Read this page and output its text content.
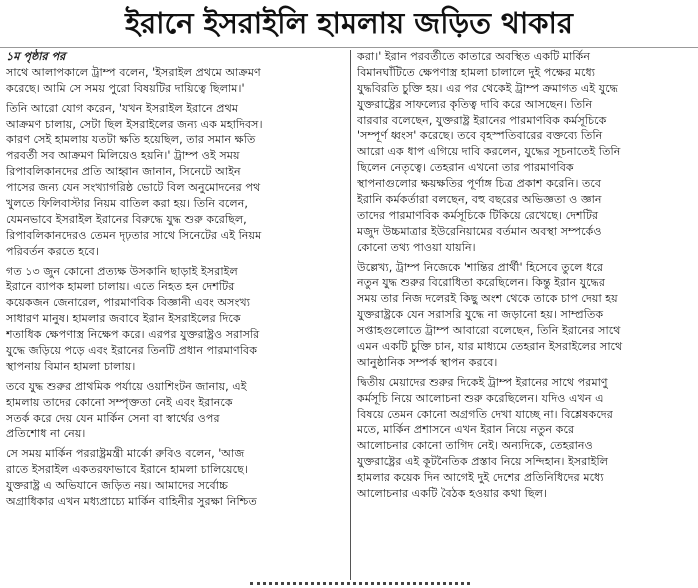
ইরানে ইসরাইলি হামলায় জড়িত থাকার
১ম পৃষ্ঠার পর
সাথে আলাপকালে ট্রাম্প বলেন, 'ইসরাইল প্রথমে আক্রমণ
করেছে। আমি সে সময় পুরো বিষয়টির দায়িত্বে ছিলাম।'
তিনি আরো যোগ করেন, 'যখন ইসরাইল ইরানে প্রথম
আক্রমণ চালায়, সেটা ছিল ইসরাইলের জন্য এক মহাদিবস।
কারণ সেই হামলায় যতটা ক্ষতি হয়েছিল, তার সমান ক্ষতি
পরবর্তী সব আক্রমণ মিলিয়েও হয়নি।' ট্রাম্প ওই সময়
রিপাবলিকানদের প্রতি আহ্বান জানান, সিনেটে আইন
পাসের জন্য যেন সংখ্যাগরিষ্ঠ ভোটে বিল অনুমোদনের পথ
খুলতে ফিলিবাস্টার নিয়ম বাতিল করা হয়। তিনি বলেন,
যেমনভাবে ইসরাইল ইরানের বিরুদ্ধে যুদ্ধ শুরু করেছিল,
রিপাবলিকানদেরও তেমন দৃঢ়তার সাথে সিনেটের এই নিয়ম
পরিবর্তন করতে হবে।
গত ১৩ জুন কোনো প্রত্যক্ষ উসকানি ছাড়াই ইসরাইল
ইরানে ব্যাপক হামলা চালায়। এতে নিহত হন দেশটির
কয়েকজন জেনারেল, পারমাণবিক বিজ্ঞানী এবং অসংখ্য
সাধারণ মানুষ। হামলার জবাবে ইরান ইসরাইলের দিকে
শতাধিক ক্ষেপণাস্ত্র নিক্ষেপ করে। এরপর যুক্তরাষ্ট্রও সরাসরি
যুদ্ধে জড়িয়ে পড়ে এবং ইরানের তিনটি প্রধান পারমাণবিক
স্থাপনায় বিমান হামলা চালায়।
তবে যুদ্ধ শুরুর প্রাথমিক পর্যায়ে ওয়াশিংটন জানায়, এই
হামলায় তাদের কোনো সম্পৃক্ততা নেই এবং ইরানকে
সতর্ক করে দেয় যেন মার্কিন সেনা বা স্বার্থের ওপর
প্রতিশোধ না নেয়।
সে সময় মার্কিন পররাষ্ট্রমন্ত্রী মার্কো রুবিও বলেন, 'আজ
রাতে ইসরাইল একতরফাভাবে ইরানে হামলা চালিয়েছে।
যুক্তরাষ্ট্র এ অভিযানে জড়িত নয়। আমাদের সর্বোচ্চ
অগ্রাধিকার এখন মধ্যপ্রাচ্যে মার্কিন বাহিনীর সুরক্ষা নিশ্চিত
করা।' ইরান পরবর্তীতে কাতারে অবস্থিত একটি মার্কিন
বিমানঘাঁটিতে ক্ষেপণাস্ত্র হামলা চালালে দুই পক্ষের মধ্যে
যুদ্ধবিরতি চুক্তি হয়। এর পর থেকেই ট্রাম্প ক্রমাগত এই যুদ্ধে
যুক্তরাষ্ট্রের সাফল্যের কৃতিত্ব দাবি করে আসছেন। তিনি
বারবার বলেছেন, যুক্তরাষ্ট্র ইরানের পারমাণবিক কর্মসূচিকে
'সম্পূর্ণ ধ্বংস' করেছে। তবে বৃহস্পতিবারের বক্তব্যে তিনি
আরো এক ধাপ এগিয়ে দাবি করলেন, যুদ্ধের সূচনাতেই তিনি
ছিলেন নেতৃত্বে। তেহরান এখনো তার পারমাণবিক
স্থাপনাগুলোর ক্ষয়ক্ষতির পূর্ণাঙ্গ চিত্র প্রকাশ করেনি। তবে
ইরানি কর্মকর্তারা বলছেন, বহু বছরের অভিজ্ঞতা ও জ্ঞান
তাদের পারমাণবিক কর্মসূচিকে টিকিয়ে রেখেছে। দেশটির
মজুদ উচ্চমাত্রার ইউরেনিয়ামের বর্তমান অবস্থা সম্পর্কেও
কোনো তথ্য পাওয়া যায়নি।
উল্লেখ্য, ট্রাম্প নিজেকে 'শান্তির প্রার্থী' হিসেবে তুলে ধরে
নতুন যুদ্ধ শুরুর বিরোধিতা করেছিলেন। কিন্তু ইরান যুদ্ধের
সময় তার নিজ দলেরই কিছু অংশ থেকে তাকে চাপ দেয়া হয়
যুক্তরাষ্ট্রকে যেন সরাসরি যুদ্ধে না জড়ানো হয়। সাম্প্রতিক
সপ্তাহগুলোতে ট্রাম্প আবারো বলেছেন, তিনি ইরানের সাথে
এমন একটি চুক্তি চান, যার মাধ্যমে তেহরান ইসরাইলের সাথে
আনুষ্ঠানিক সম্পর্ক স্থাপন করবে।
দ্বিতীয় মেয়াদের শুরুর দিকেই ট্রাম্প ইরানের সাথে পরমাণু
কর্মসূচি নিয়ে আলোচনা শুরু করেছিলেন। যদিও এখন এ
বিষয়ে তেমন কোনো অগ্রগতি দেখা যাচ্ছে না। বিশ্লেষকদের
মতে, মার্কিন প্রশাসনে এখন ইরান নিয়ে নতুন করে
আলোচনার কোনো তাগিদ নেই। অন্যদিকে, তেহরানও
যুক্তরাষ্ট্রের এই কূটনৈতিক প্রস্তাব নিয়ে সন্দিহান। ইসরাইলি
হামলার কয়েক দিন আগেই দুই দেশের প্রতিনিধিদের মধ্যে
আলোচনার একটি বৈঠক হওয়ার কথা ছিল।
